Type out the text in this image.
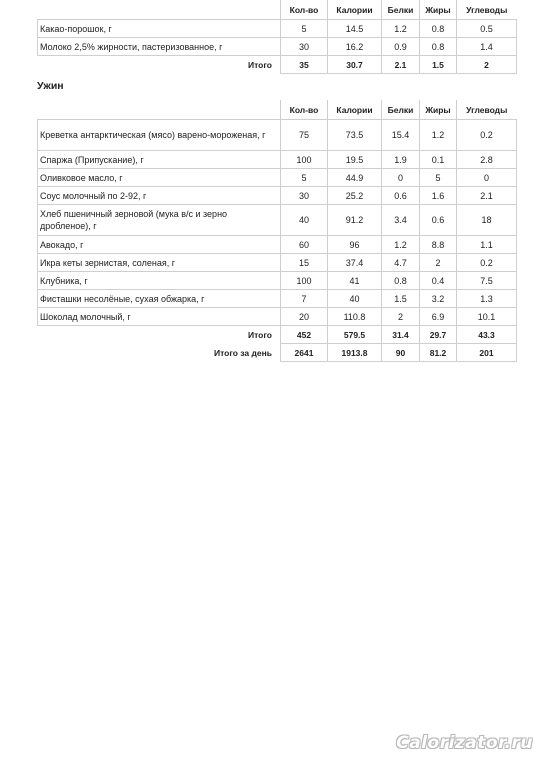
	Кол-во	Калории	Белки	Жиры	Углеводы
Какао-порошок, г	5	14.5	1.2	0.8	0.5
Молоко 2,5% жирности, пастеризованное, г	30	16.2	0.9	0.8	1.4
Итого	35	30.7	2.1	1.5	2
Ужин
	Кол-во	Калории	Белки	Жиры	Углеводы
Креветка антарктическая (мясо) варено-мороженая, г	75	73.5	15.4	1.2	0.2
Спаржа (Припускание), г	100	19.5	1.9	0.1	2.8
Оливковое масло, г	5	44.9	0	5	0
Соус молочный по 2-92, г	30	25.2	0.6	1.6	2.1
Хлеб пшеничный зерновой (мука в/с и зерно дробленое), г	40	91.2	3.4	0.6	18
Авокадо, г	60	96	1.2	8.8	1.1
Икра кеты зернистая, соленая, г	15	37.4	4.7	2	0.2
Клубника, г	100	41	0.8	0.4	7.5
Фисташки несолёные, сухая обжарка, г	7	40	1.5	3.2	1.3
Шоколад молочный, г	20	110.8	2	6.9	10.1
Итого	452	579.5	31.4	29.7	43.3
Итого за день	2641	1913.8	90	81.2	201
Calorizator.ru
